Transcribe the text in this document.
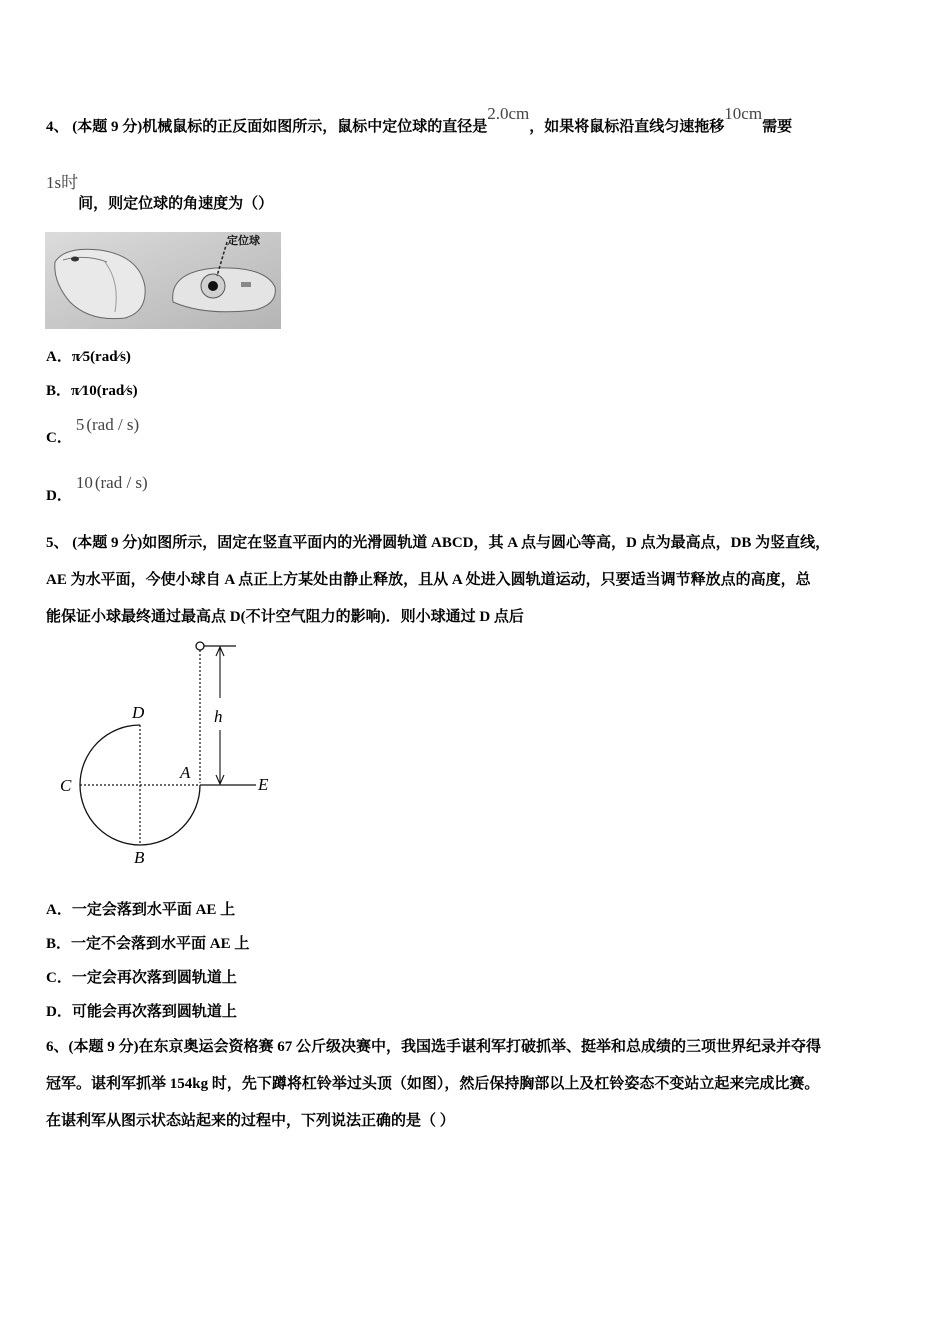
4、 (本题 9 分)机械鼠标的正反面如图所示，鼠标中定位球的直径是2.0cm，如果将鼠标沿直线匀速拖移10cm需要
1s时间，则定位球的角速度为（）
定位球
A．π⁄5(rad⁄s)
B．π⁄10(rad⁄s)
C．5 (rad / s)
D．10 (rad / s)
5、 (本题 9 分)如图所示，固定在竖直平面内的光滑圆轨道 ABCD，其 A 点与圆心等高，D 点为最高点，DB 为竖直线，
AE 为水平面，今使小球自 A 点正上方某处由静止释放，且从 A 处进入圆轨道运动，只要适当调节释放点的高度，总
能保证小球最终通过最高点 D(不计空气阻力的影响)．则小球通过 D 点后
h
D
C
A
E
B
A．一定会落到水平面 AE 上
B．一定不会落到水平面 AE 上
C．一定会再次落到圆轨道上
D．可能会再次落到圆轨道上
6、(本题 9 分)在东京奥运会资格赛 67 公斤级决赛中，我国选手谌利军打破抓举、挺举和总成绩的三项世界纪录并夺得
冠军。谌利军抓举 154kg 时，先下蹲将杠铃举过头顶（如图），然后保持胸部以上及杠铃姿态不变站立起来完成比赛。
在谌利军从图示状态站起来的过程中，下列说法正确的是（ ）
